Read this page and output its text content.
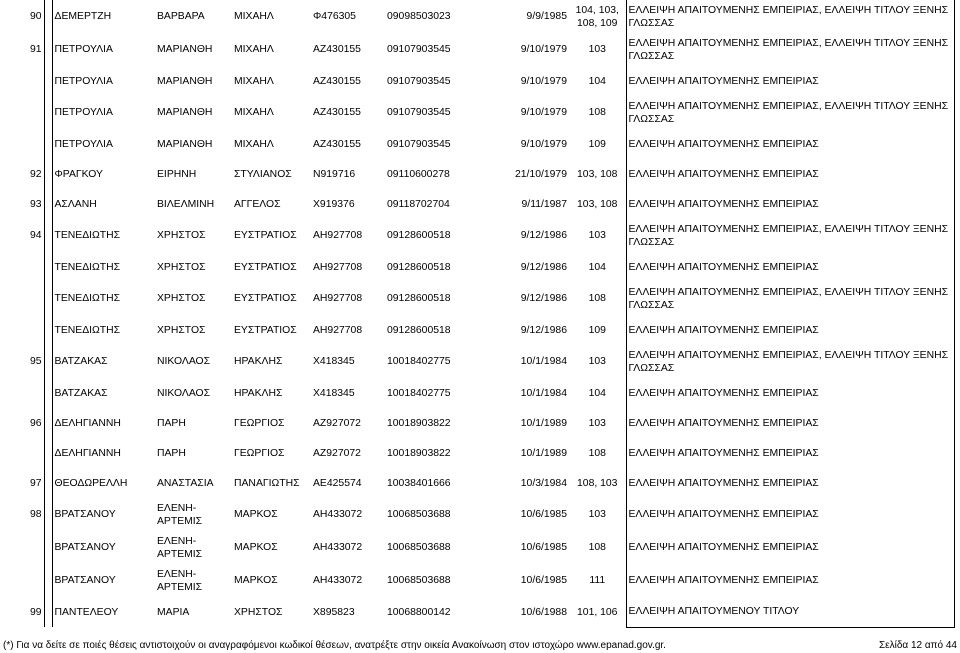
90		ΔΕΜΕΡΤΖΗ	ΒΑΡΒΑΡΑ	ΜΙΧΑΗΛ	Φ476305	09098503023	9/9/1985	104, 103, 108, 109	ΕΛΛΕΙΨΗ ΑΠΑΙΤΟΥΜΕΝΗΣ ΕΜΠΕΙΡΙΑΣ, ΕΛΛΕΙΨΗ ΤΙΤΛΟΥ ΞΕΝΗΣ ΓΛΩΣΣΑΣ
91		ΠΕΤΡΟΥΛΙΑ	ΜΑΡΙΑΝΘΗ	ΜΙΧΑΗΛ	ΑΖ430155	09107903545	9/10/1979	103	ΕΛΛΕΙΨΗ ΑΠΑΙΤΟΥΜΕΝΗΣ ΕΜΠΕΙΡΙΑΣ, ΕΛΛΕΙΨΗ ΤΙΤΛΟΥ ΞΕΝΗΣ ΓΛΩΣΣΑΣ
		ΠΕΤΡΟΥΛΙΑ	ΜΑΡΙΑΝΘΗ	ΜΙΧΑΗΛ	ΑΖ430155	09107903545	9/10/1979	104	ΕΛΛΕΙΨΗ ΑΠΑΙΤΟΥΜΕΝΗΣ ΕΜΠΕΙΡΙΑΣ
		ΠΕΤΡΟΥΛΙΑ	ΜΑΡΙΑΝΘΗ	ΜΙΧΑΗΛ	ΑΖ430155	09107903545	9/10/1979	108	ΕΛΛΕΙΨΗ ΑΠΑΙΤΟΥΜΕΝΗΣ ΕΜΠΕΙΡΙΑΣ, ΕΛΛΕΙΨΗ ΤΙΤΛΟΥ ΞΕΝΗΣ ΓΛΩΣΣΑΣ
		ΠΕΤΡΟΥΛΙΑ	ΜΑΡΙΑΝΘΗ	ΜΙΧΑΗΛ	ΑΖ430155	09107903545	9/10/1979	109	ΕΛΛΕΙΨΗ ΑΠΑΙΤΟΥΜΕΝΗΣ ΕΜΠΕΙΡΙΑΣ
92		ΦΡΑΓΚΟΥ	ΕΙΡΗΝΗ	ΣΤΥΛΙΑΝΟΣ	Ν919716	09110600278	21/10/1979	103, 108	ΕΛΛΕΙΨΗ ΑΠΑΙΤΟΥΜΕΝΗΣ ΕΜΠΕΙΡΙΑΣ
93		ΑΣΛΑΝΗ	ΒΙΛΕΛΜΙΝΗ	ΑΓΓΕΛΟΣ	Χ919376	09118702704	9/11/1987	103, 108	ΕΛΛΕΙΨΗ ΑΠΑΙΤΟΥΜΕΝΗΣ ΕΜΠΕΙΡΙΑΣ
94		ΤΕΝΕΔΙΩΤΗΣ	ΧΡΗΣΤΟΣ	ΕΥΣΤΡΑΤΙΟΣ	ΑΗ927708	09128600518	9/12/1986	103	ΕΛΛΕΙΨΗ ΑΠΑΙΤΟΥΜΕΝΗΣ ΕΜΠΕΙΡΙΑΣ, ΕΛΛΕΙΨΗ ΤΙΤΛΟΥ ΞΕΝΗΣ ΓΛΩΣΣΑΣ
		ΤΕΝΕΔΙΩΤΗΣ	ΧΡΗΣΤΟΣ	ΕΥΣΤΡΑΤΙΟΣ	ΑΗ927708	09128600518	9/12/1986	104	ΕΛΛΕΙΨΗ ΑΠΑΙΤΟΥΜΕΝΗΣ ΕΜΠΕΙΡΙΑΣ
		ΤΕΝΕΔΙΩΤΗΣ	ΧΡΗΣΤΟΣ	ΕΥΣΤΡΑΤΙΟΣ	ΑΗ927708	09128600518	9/12/1986	108	ΕΛΛΕΙΨΗ ΑΠΑΙΤΟΥΜΕΝΗΣ ΕΜΠΕΙΡΙΑΣ, ΕΛΛΕΙΨΗ ΤΙΤΛΟΥ ΞΕΝΗΣ ΓΛΩΣΣΑΣ
		ΤΕΝΕΔΙΩΤΗΣ	ΧΡΗΣΤΟΣ	ΕΥΣΤΡΑΤΙΟΣ	ΑΗ927708	09128600518	9/12/1986	109	ΕΛΛΕΙΨΗ ΑΠΑΙΤΟΥΜΕΝΗΣ ΕΜΠΕΙΡΙΑΣ
95		ΒΑΤΖΑΚΑΣ	ΝΙΚΟΛΑΟΣ	ΗΡΑΚΛΗΣ	Χ418345	10018402775	10/1/1984	103	ΕΛΛΕΙΨΗ ΑΠΑΙΤΟΥΜΕΝΗΣ ΕΜΠΕΙΡΙΑΣ, ΕΛΛΕΙΨΗ ΤΙΤΛΟΥ ΞΕΝΗΣ ΓΛΩΣΣΑΣ
		ΒΑΤΖΑΚΑΣ	ΝΙΚΟΛΑΟΣ	ΗΡΑΚΛΗΣ	Χ418345	10018402775	10/1/1984	104	ΕΛΛΕΙΨΗ ΑΠΑΙΤΟΥΜΕΝΗΣ ΕΜΠΕΙΡΙΑΣ
96		ΔΕΛΗΓΙΑΝΝΗ	ΠΑΡΗ	ΓΕΩΡΓΙΟΣ	ΑΖ927072	10018903822	10/1/1989	103	ΕΛΛΕΙΨΗ ΑΠΑΙΤΟΥΜΕΝΗΣ ΕΜΠΕΙΡΙΑΣ
		ΔΕΛΗΓΙΑΝΝΗ	ΠΑΡΗ	ΓΕΩΡΓΙΟΣ	ΑΖ927072	10018903822	10/1/1989	108	ΕΛΛΕΙΨΗ ΑΠΑΙΤΟΥΜΕΝΗΣ ΕΜΠΕΙΡΙΑΣ
97		ΘΕΟΔΩΡΕΛΛΗ	ΑΝΑΣΤΑΣΙΑ	ΠΑΝΑΓΙΩΤΗΣ	ΑΕ425574	10038401666	10/3/1984	108, 103	ΕΛΛΕΙΨΗ ΑΠΑΙΤΟΥΜΕΝΗΣ ΕΜΠΕΙΡΙΑΣ
98		ΒΡΑΤΣΑΝΟΥ	ΕΛΕΝΗ- ΑΡΤΕΜΙΣ	ΜΑΡΚΟΣ	ΑΗ433072	10068503688	10/6/1985	103	ΕΛΛΕΙΨΗ ΑΠΑΙΤΟΥΜΕΝΗΣ ΕΜΠΕΙΡΙΑΣ
		ΒΡΑΤΣΑΝΟΥ	ΕΛΕΝΗ- ΑΡΤΕΜΙΣ	ΜΑΡΚΟΣ	ΑΗ433072	10068503688	10/6/1985	108	ΕΛΛΕΙΨΗ ΑΠΑΙΤΟΥΜΕΝΗΣ ΕΜΠΕΙΡΙΑΣ
		ΒΡΑΤΣΑΝΟΥ	ΕΛΕΝΗ- ΑΡΤΕΜΙΣ	ΜΑΡΚΟΣ	ΑΗ433072	10068503688	10/6/1985	111	ΕΛΛΕΙΨΗ ΑΠΑΙΤΟΥΜΕΝΗΣ ΕΜΠΕΙΡΙΑΣ
99		ΠΑΝΤΕΛΕΟΥ	ΜΑΡΙΑ	ΧΡΗΣΤΟΣ	Χ895823	10068800142	10/6/1988	101, 106	ΕΛΛΕΙΨΗ ΑΠΑΙΤΟΥΜΕΝΟΥ ΤΙΤΛΟΥ
(*) Για να δείτε σε ποιές θέσεις αντιστοιχούν οι αναγραφόμενοι κωδικοί θέσεων, ανατρέξτε στην οικεία Ανακοίνωση στον ιστοχώρο www.epanad.gov.gr.	Σελίδα 12 από 44
